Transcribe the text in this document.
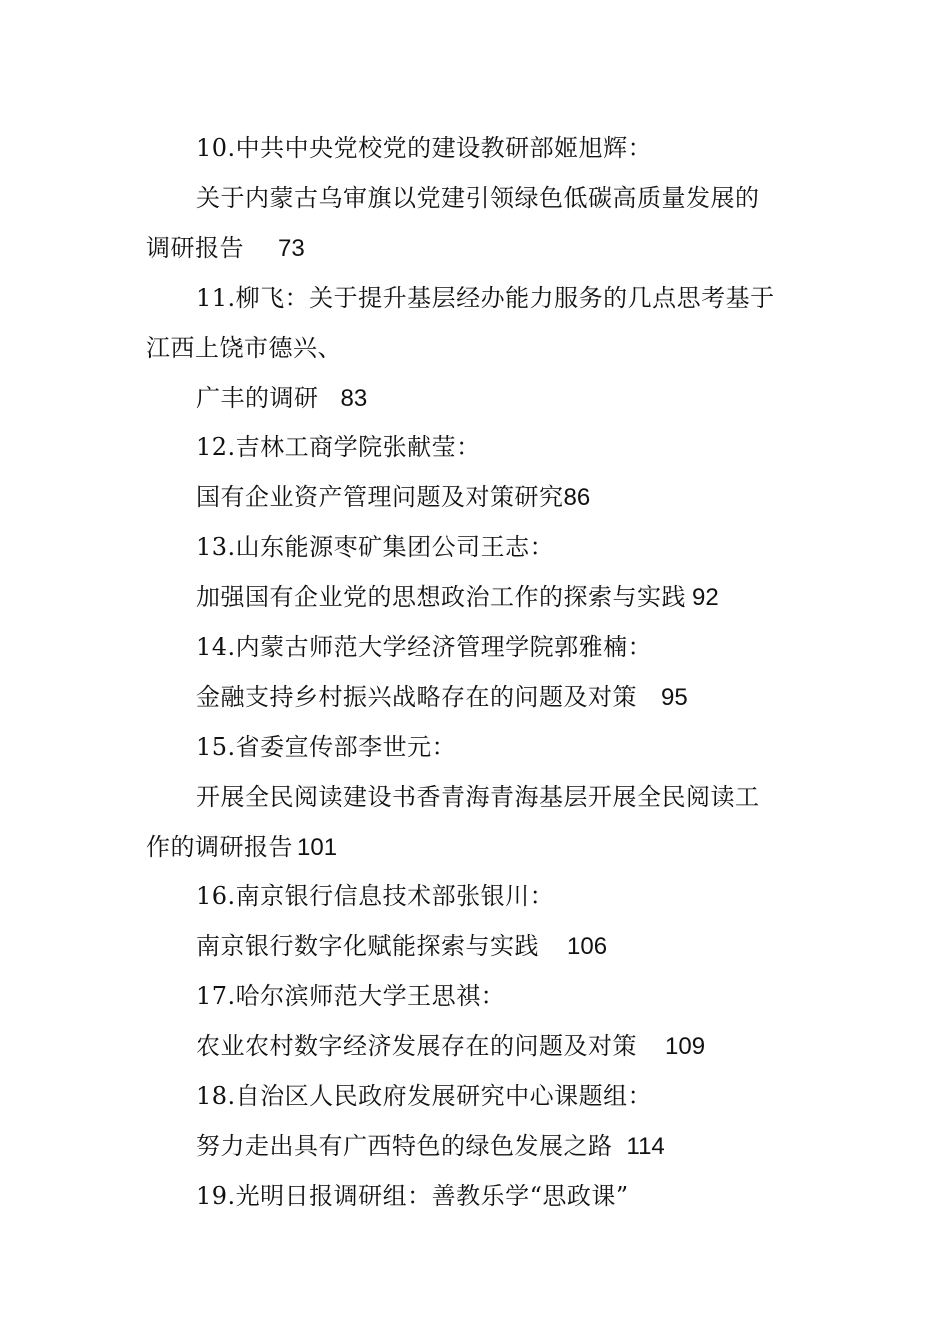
10.中共中央党校党的建设教研部姬旭辉：
关于内蒙古乌审旗以党建引领绿色低碳高质量发展的
调研报告 73
11.柳飞：关于提升基层经办能力服务的几点思考基于
江西上饶市德兴、
广丰的调研 83
12.吉林工商学院张献莹：
国有企业资产管理问题及对策研究86
13.山东能源枣矿集团公司王志：
加强国有企业党的思想政治工作的探索与实践 92
14.内蒙古师范大学经济管理学院郭雅楠：
金融支持乡村振兴战略存在的问题及对策 95
15.省委宣传部李世元：
开展全民阅读建设书香青海青海基层开展全民阅读工
作的调研报告 101
16.南京银行信息技术部张银川：
南京银行数字化赋能探索与实践 106
17.哈尔滨师范大学王思祺：
农业农村数字经济发展存在的问题及对策 109
18.自治区人民政府发展研究中心课题组：
努力走出具有广西特色的绿色发展之路 114
19.光明日报调研组：善教乐学“思政课”
